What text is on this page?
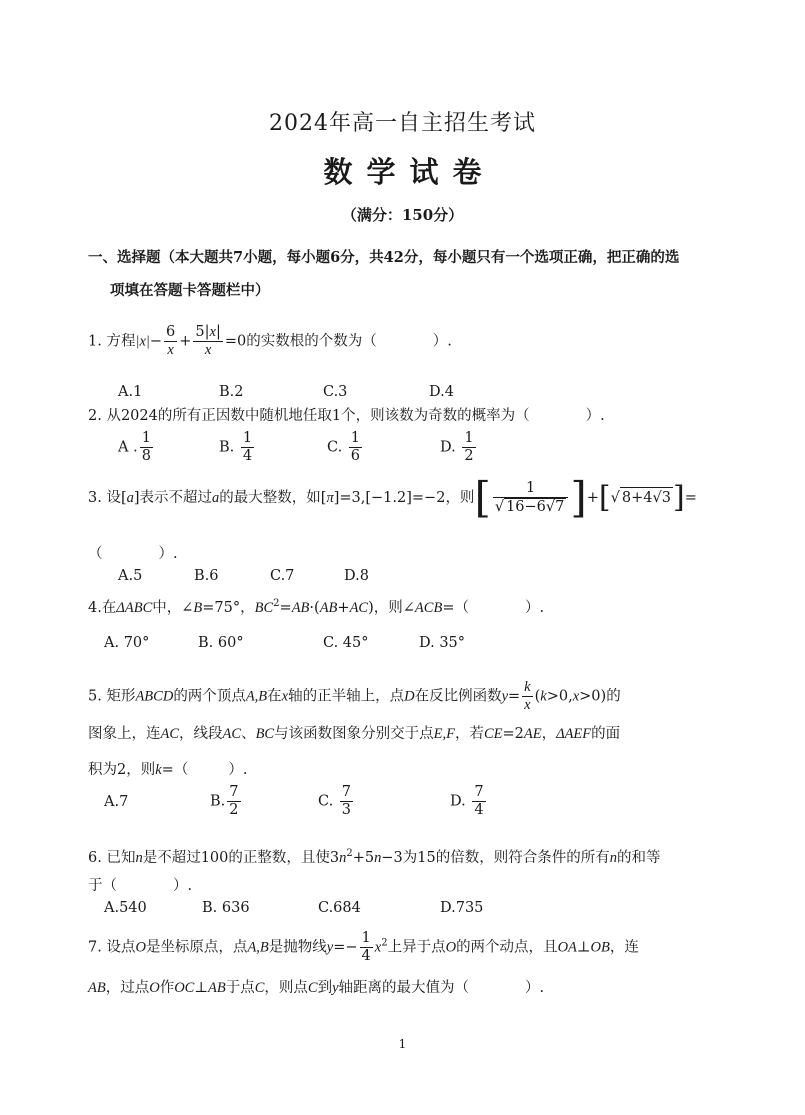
2024年高一自主招生考试
数学试卷
（满分：150分）
一、选择题（本大题共7小题，每小题6分，共42分，每小题只有一个选项正确，把正确的选
项填在答题卡答题栏中）
1. 方程$|x|- \frac{6}{x} + \frac{5|x|}{x} =0$的实数根的个数为（	）.
A.1	B.2	C.3	D.4
2. 从2024的所有正因数中随机地任取1个，则该数为奇数的概率为（	）.
A . $\frac{1}{8}$	B. $\frac{1}{4}$	C. $\frac{1}{6}$	D. $\frac{1}{2}$
3. 设[a]表示不超过a的最大整数，如[π]=3,[−1.2]=−2，则[ $\frac{1}{√ 16-6√7}$ ]+[√ 8+4√3]=
（	）.
A.5	B.6	C.7	D.8
4.在ΔABC中，∠B=75°，$BC^2=AB\cdot(AB+AC)$，则∠ACB=（	）.
A. 70°	B. 60°	C. 45°	D. 35°
5. 矩形ABCD的两个顶点A,B在x轴的正半轴上，点D在反比例函数$y= \frac{k}{x} (k>0,x>0)$的
图象上，连AC，线段AC、BC与该函数图象分别交于点E,F，若CE=2AE，ΔAEF的面
积为2，则k=（	）.
A.7	B. $\frac{7}{2}$	C. $\frac{7}{3}$	D. $\frac{7}{4}$
6. 已知n是不超过100的正整数，且使$3n^2+5n-3$为15的倍数，则符合条件的所有n的和等
于（	）.
A.540	B. 636	C.684	D.735
7. 设点O是坐标原点，点A,B是抛物线$y=- \frac{1}{4} x^2$上异于点O的两个动点，且OA⊥OB，连
AB，过点O作OC⊥AB于点C，则点C到y轴距离的最大值为（	）.
1
